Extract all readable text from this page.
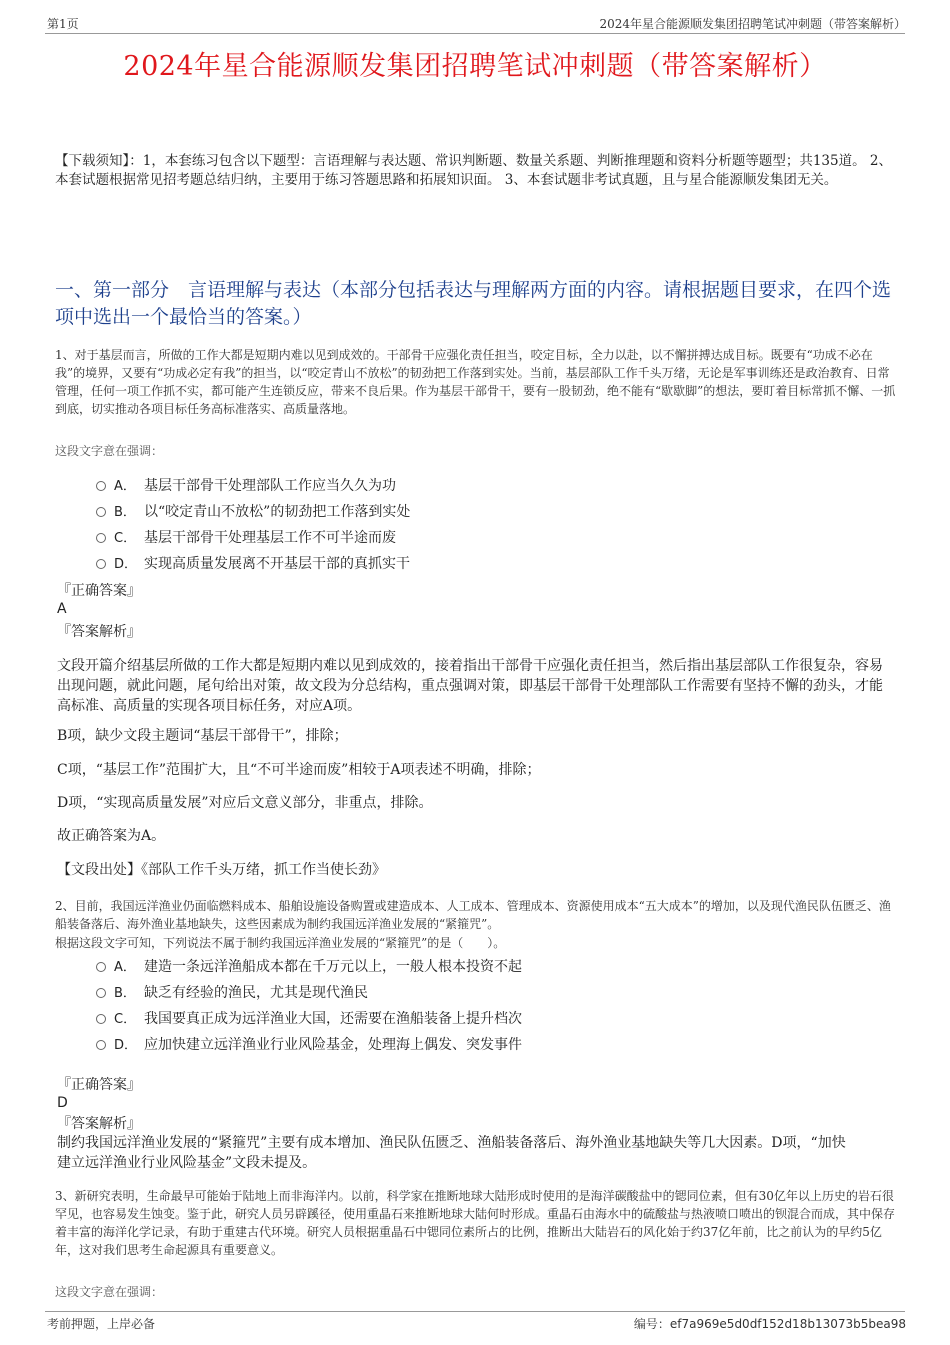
第1页	2024年星合能源顺发集团招聘笔试冲刺题（带答案解析）
2024年星合能源顺发集团招聘笔试冲刺题（带答案解析）
【下载须知】：1，本套练习包含以下题型：言语理解与表达题、常识判断题、数量关系题、判断推理题和资料分析题等题型；共135道。 2、本套试题根据常见招考题总结归纳，主要用于练习答题思路和拓展知识面。 3、本套试题非考试真题，且与星合能源顺发集团无关。
一、第一部分　言语理解与表达（本部分包括表达与理解两方面的内容。请根据题目要求，在四个选项中选出一个最恰当的答案。）
1、对于基层而言，所做的工作大都是短期内难以见到成效的。干部骨干应强化责任担当，咬定目标，全力以赴，以不懈拼搏达成目标。既要有“功成不必在我”的境界，又要有“功成必定有我”的担当，以“咬定青山不放松”的韧劲把工作落到实处。当前，基层部队工作千头万绪，无论是军事训练还是政治教育、日常管理，任何一项工作抓不实，都可能产生连锁反应，带来不良后果。作为基层干部骨干，要有一股韧劲，绝不能有“歇歇脚”的想法，要盯着目标常抓不懈、一抓到底，切实推动各项目标任务高标准落实、高质量落地。
这段文字意在强调：
A． 基层干部骨干处理部队工作应当久久为功
B． 以“咬定青山不放松”的韧劲把工作落到实处
C． 基层干部骨干处理基层工作不可半途而废
D． 实现高质量发展离不开基层干部的真抓实干
『正确答案』
A
『答案解析』
文段开篇介绍基层所做的工作大都是短期内难以见到成效的，接着指出干部骨干应强化责任担当，然后指出基层部队工作很复杂，容易出现问题，就此问题，尾句给出对策，故文段为分总结构，重点强调对策，即基层干部骨干处理部队工作需要有坚持不懈的劲头，才能高标准、高质量的实现各项目标任务，对应A项。
B项，缺少文段主题词“基层干部骨干”，排除；
C项，“基层工作”范围扩大，且“不可半途而废”相较于A项表述不明确，排除；
D项，“实现高质量发展”对应后文意义部分，非重点，排除。
故正确答案为A。
【文段出处】《部队工作千头万绪，抓工作当使长劲》
2、目前，我国远洋渔业仍面临燃料成本、船舶设施设备购置或建造成本、人工成本、管理成本、资源使用成本“五大成本”的增加，以及现代渔民队伍匮乏、渔船装备落后、海外渔业基地缺失，这些因素成为制约我国远洋渔业发展的“紧箍咒”。
根据这段文字可知，下列说法不属于制约我国远洋渔业发展的“紧箍咒”的是（　　）。
A． 建造一条远洋渔船成本都在千万元以上，一般人根本投资不起
B． 缺乏有经验的渔民，尤其是现代渔民
C． 我国要真正成为远洋渔业大国，还需要在渔船装备上提升档次
D． 应加快建立远洋渔业行业风险基金，处理海上偶发、突发事件
『正确答案』
D
『答案解析』
制约我国远洋渔业发展的“紧箍咒”主要有成本增加、渔民队伍匮乏、渔船装备落后、海外渔业基地缺失等几大因素。D项，“加快建立远洋渔业行业风险基金”文段未提及。
3、新研究表明，生命最早可能始于陆地上而非海洋内。以前，科学家在推断地球大陆形成时使用的是海洋碳酸盐中的锶同位素，但有30亿年以上历史的岩石很罕见，也容易发生蚀变。鉴于此，研究人员另辟蹊径，使用重晶石来推断地球大陆何时形成。重晶石由海水中的硫酸盐与热液喷口喷出的钡混合而成，其中保存着丰富的海洋化学记录，有助于重建古代环境。研究人员根据重晶石中锶同位素所占的比例，推断出大陆岩石的风化始于约37亿年前，比之前认为的早约5亿年，这对我们思考生命起源具有重要意义。
这段文字意在强调：
考前押题，上岸必备	编号：ef7a969e5d0df152d18b13073b5bea98
